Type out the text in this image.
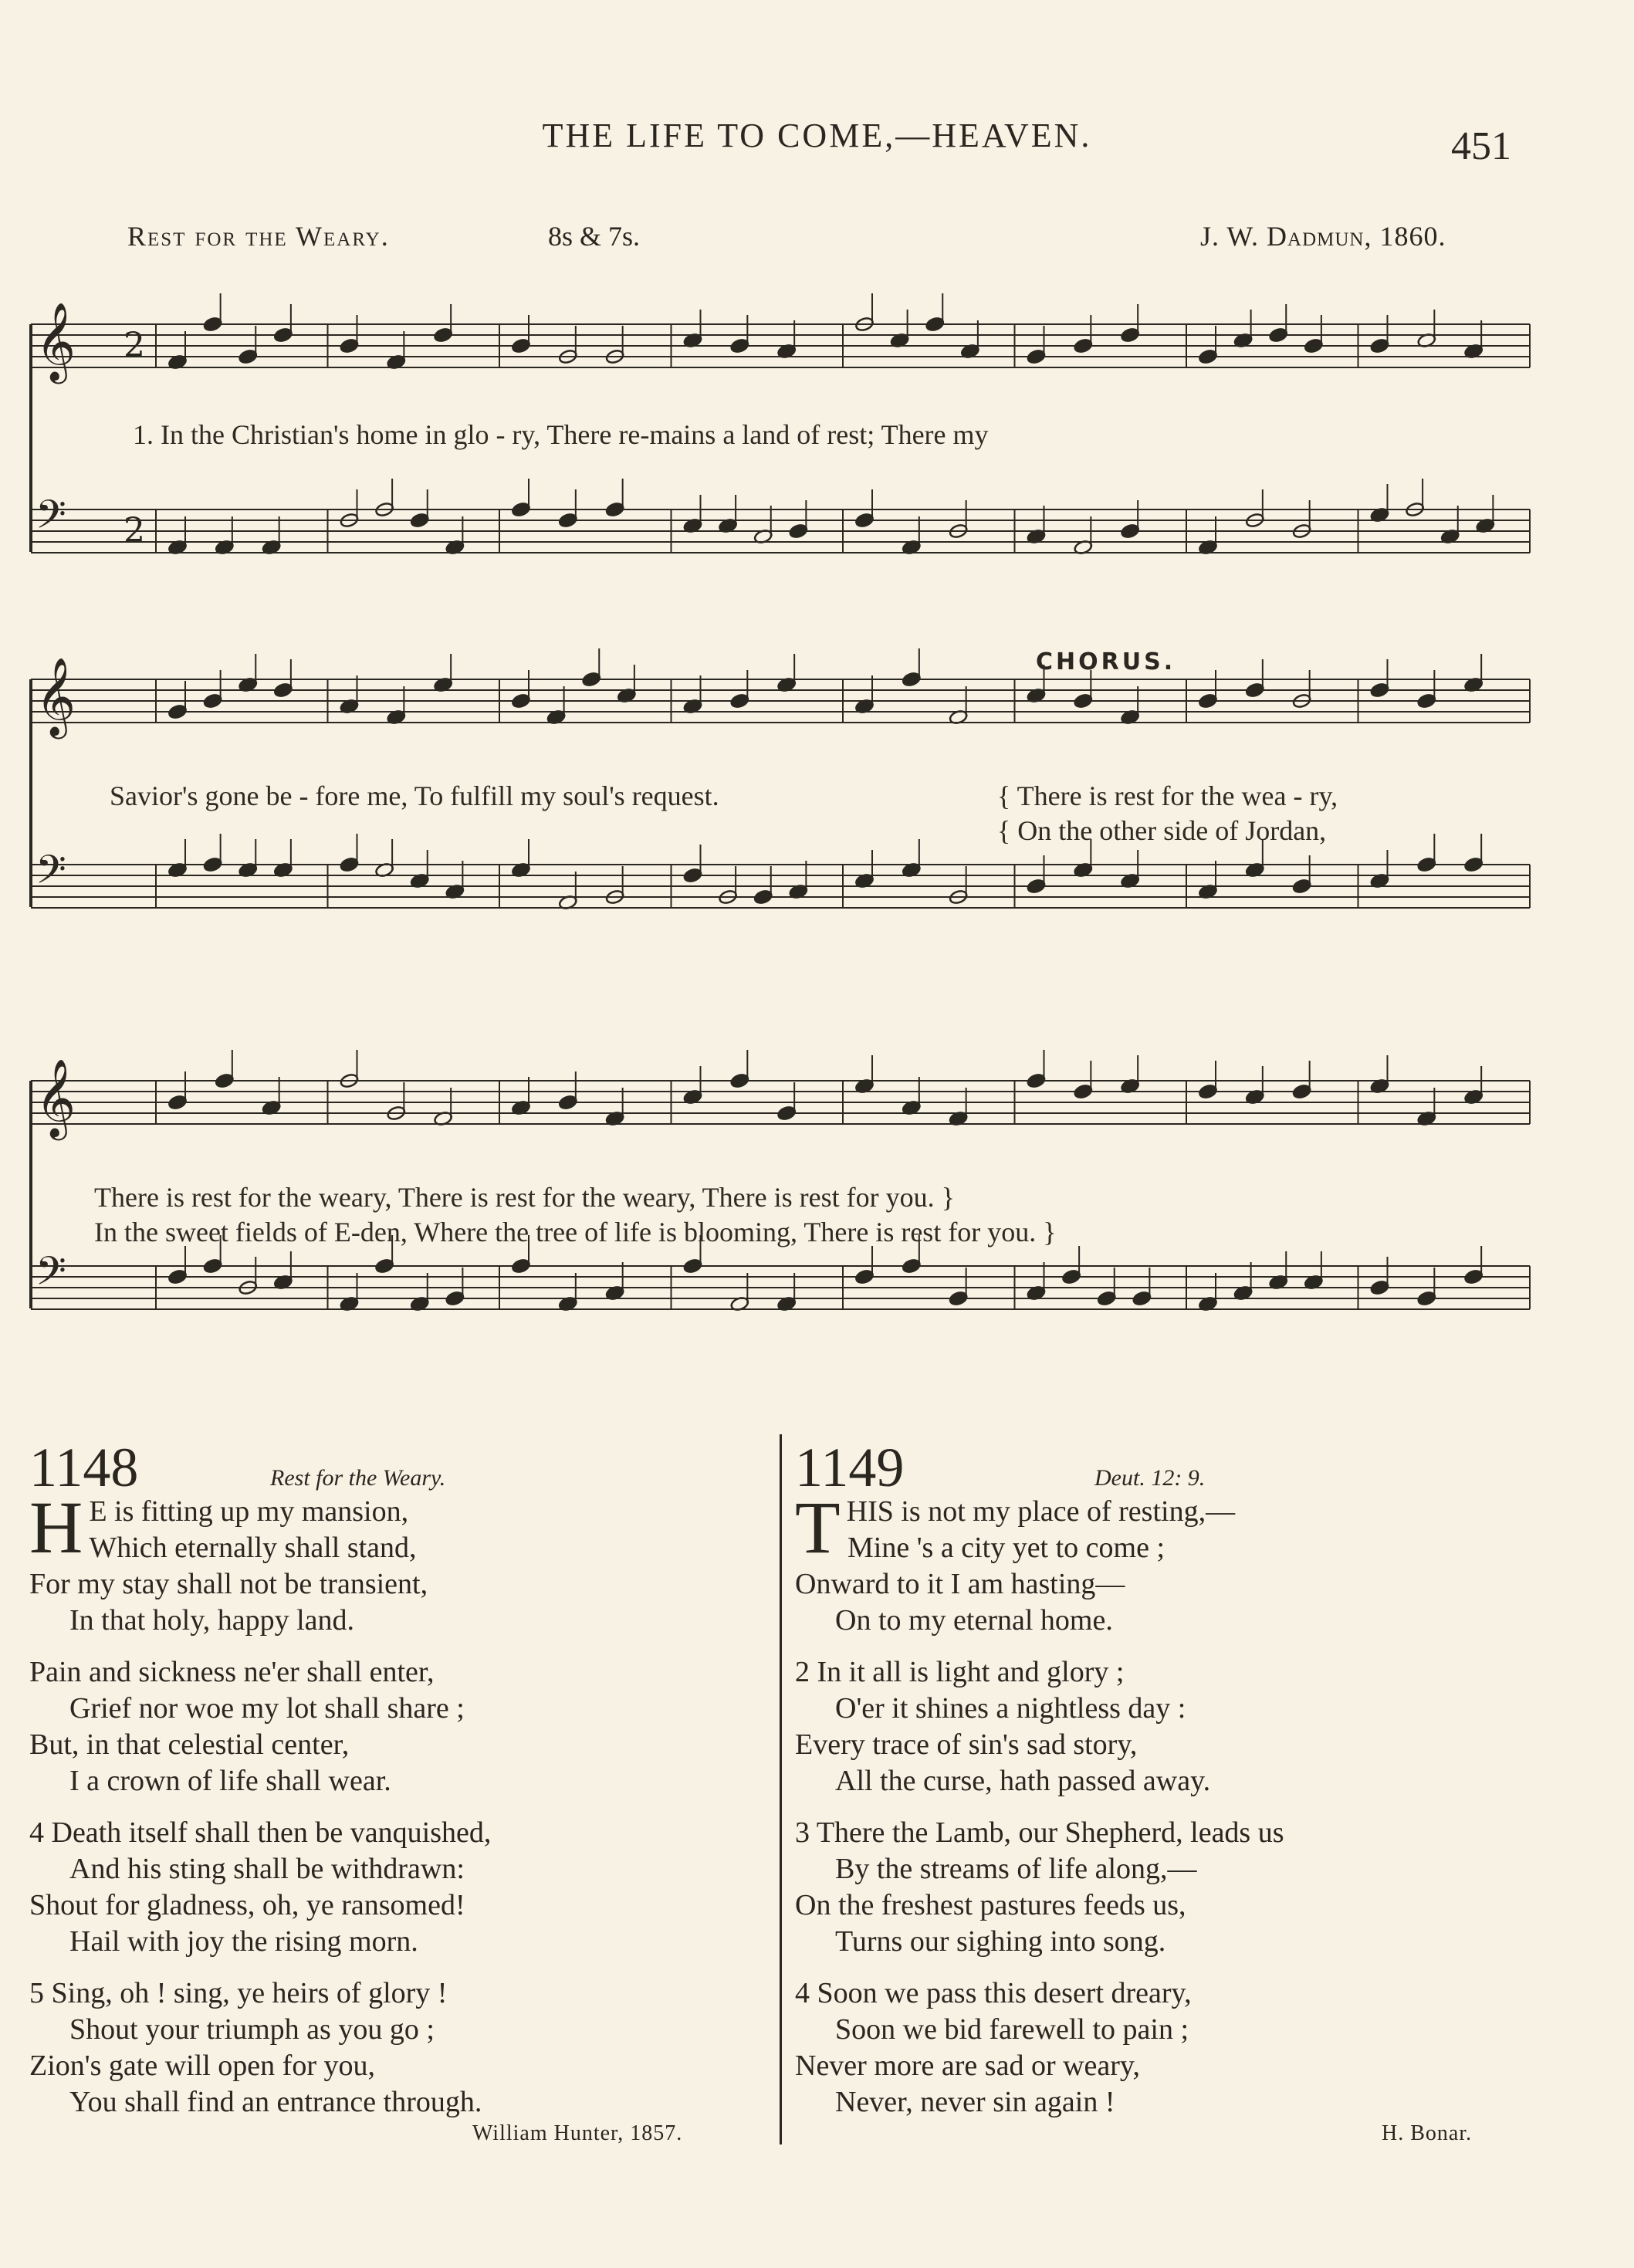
THE LIFE TO COME,—HEAVEN.	451
Rest for the Weary.	8s & 7s.	J. W. Dadmun, 1860.
𝄞
𝄢
2
2
1. In the Christian's home in glo - ry, There re-mains a land of rest; There my
𝄞
𝄢
CHORUS.
Savior's gone be - fore me, To fulfill my soul's request.	{ There is rest for the wea - ry,
{ On the other side of Jordan,
𝄞
𝄢
There is rest for the weary, There is rest for the weary, There is rest for you. }
In the sweet fields of E-den, Where the tree of life is blooming, There is rest for you. }
1148	Rest for the Weary.
H E is fitting up my mansion,
Which eternally shall stand,
For my stay shall not be transient,
In that holy, happy land.
Pain and sickness ne'er shall enter,
Grief nor woe my lot shall share ;
But, in that celestial center,
I a crown of life shall wear.
4 Death itself shall then be vanquished,
And his sting shall be withdrawn:
Shout for gladness, oh, ye ransomed!
Hail with joy the rising morn.
5 Sing, oh ! sing, ye heirs of glory !
Shout your triumph as you go ;
Zion's gate will open for you,
You shall find an entrance through.
William Hunter, 1857.
1149	Deut. 12: 9.
THIS is not my place of resting,—
Mine 's a city yet to come ;
Onward to it I am hasting—
On to my eternal home.
2 In it all is light and glory ;
O'er it shines a nightless day :
Every trace of sin's sad story,
All the curse, hath passed away.
3 There the Lamb, our Shepherd, leads us
By the streams of life along,—
On the freshest pastures feeds us,
Turns our sighing into song.
4 Soon we pass this desert dreary,
Soon we bid farewell to pain ;
Never more are sad or weary,
Never, never sin again !
H. Bonar.
